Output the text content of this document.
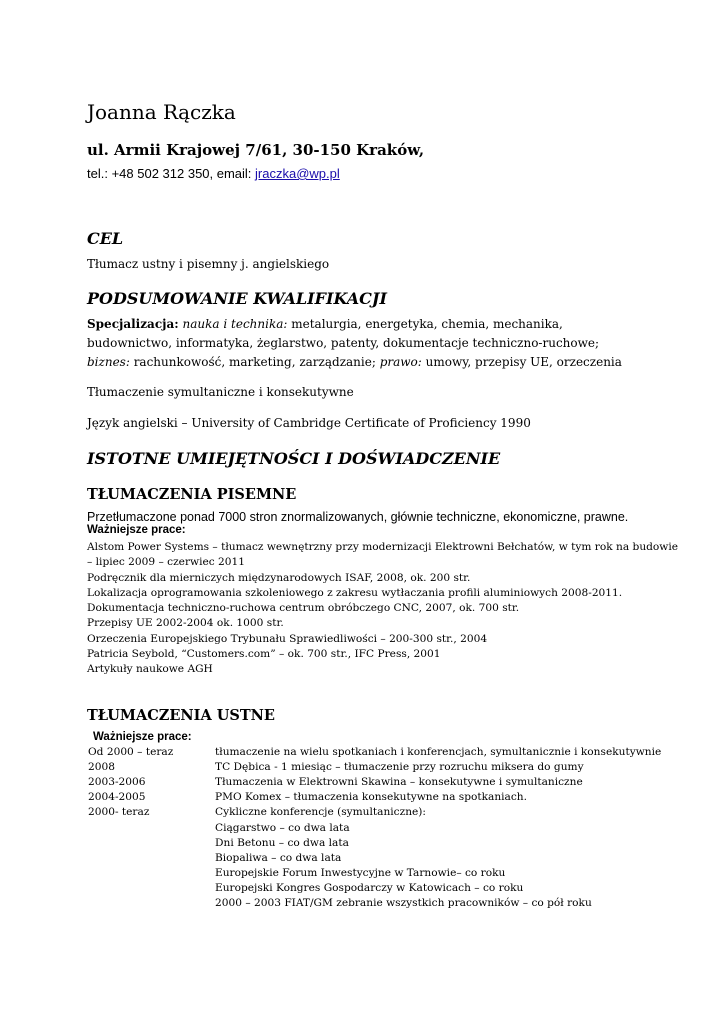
Joanna Rączka
ul. Armii Krajowej 7/61, 30-150 Kraków,
tel.: +48 502 312 350, email: jraczka@wp.pl
CEL
Tłumacz ustny i pisemny j. angielskiego
PODSUMOWANIE KWALIFIKACJI
Specjalizacja: nauka i technika: metalurgia, energetyka, chemia, mechanika, budownictwo, informatyka, żeglarstwo, patenty, dokumentacje techniczno-ruchowe; biznes: rachunkowość, marketing, zarządzanie; prawo: umowy, przepisy UE, orzeczenia
Tłumaczenie symultaniczne i konsekutywne
Język angielski – University of Cambridge Certificate of Proficiency 1990
ISTOTNE UMIEJĘTNOŚCI I DOŚWIADCZENIE
TŁUMACZENIA PISEMNE
Przetłumaczone ponad 7000 stron znormalizowanych, głównie techniczne, ekonomiczne, prawne.
Ważniejsze prace:
Alstom Power Systems – tłumacz wewnętrzny przy modernizacji Elektrowni Bełchatów, w tym rok na budowie
– lipiec 2009 – czerwiec 2011
Podręcznik dla mierniczych międzynarodowych ISAF, 2008, ok. 200 str.
Lokalizacja oprogramowania szkoleniowego z zakresu wytłaczania profili aluminiowych 2008-2011.
Dokumentacja techniczno-ruchowa centrum obróbczego CNC, 2007, ok. 700 str.
Przepisy UE 2002-2004 ok. 1000 str.
Orzeczenia Europejskiego Trybunału Sprawiedliwości – 200-300 str., 2004
Patricia Seybold, “Customers.com” – ok. 700 str., IFC Press, 2001
Artykuły naukowe AGH
TŁUMACZENIA USTNE
Ważniejsze prace:
Od 2000 – teraz	tłumaczenie na wielu spotkaniach i konferencjach, symultanicznie i konsekutywnie
2008	TC Dębica - 1 miesiąc – tłumaczenie przy rozruchu miksera do gumy
2003-2006	Tłumaczenia w Elektrowni Skawina – konsekutywne i symultaniczne
2004-2005	PMO Komex – tłumaczenia konsekutywne na spotkaniach.
2000- teraz	Cykliczne konferencje (symultaniczne):
Ciągarstwo – co dwa lata
Dni Betonu – co dwa lata
Biopaliwa – co dwa lata
Europejskie Forum Inwestycyjne w Tarnowie– co roku
Europejski Kongres Gospodarczy w Katowicach – co roku
2000 – 2003 FIAT/GM zebranie wszystkich pracowników – co pół roku
